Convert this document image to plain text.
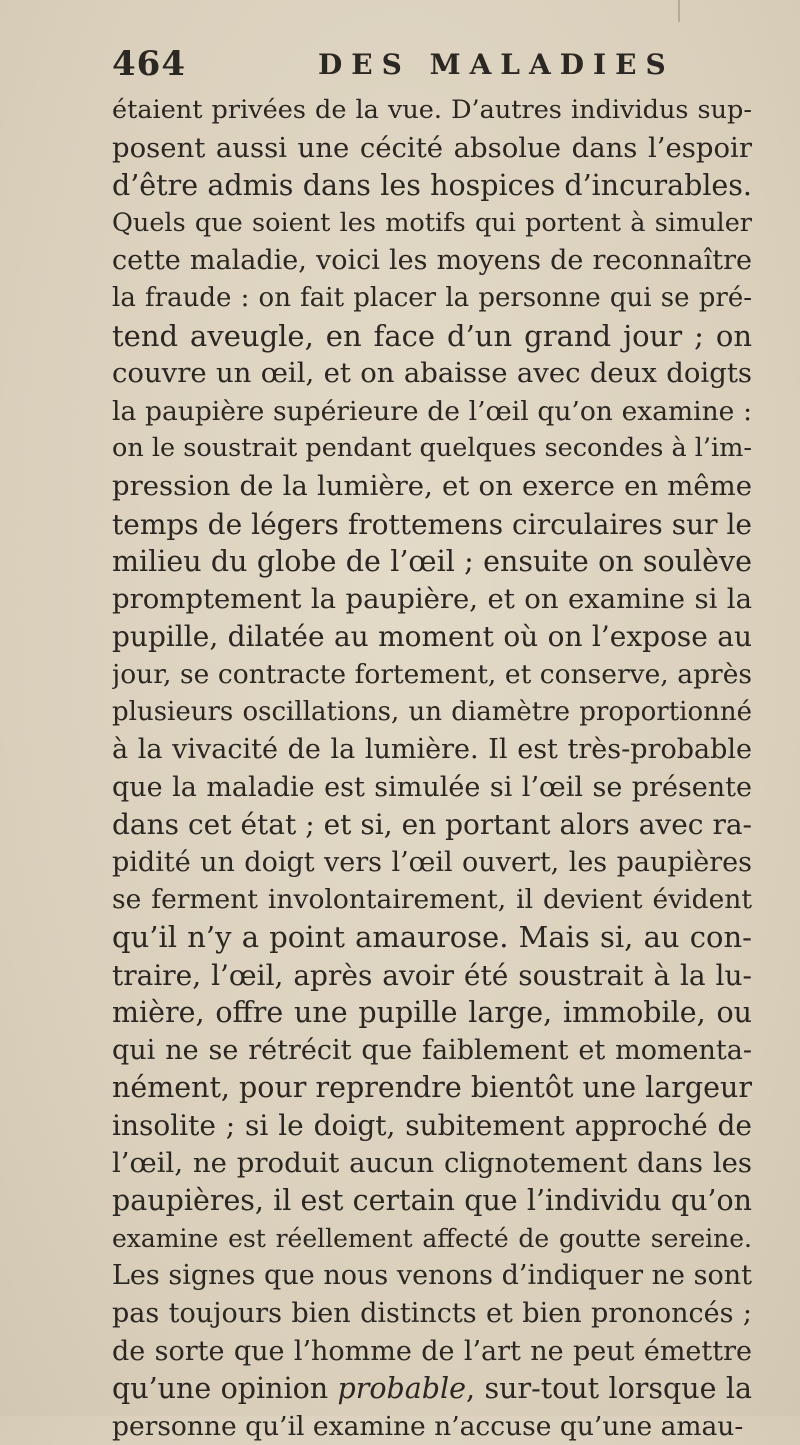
464	DES MALADIES
étaient privées de la vue. D’autres individus sup-
posent aussi une cécité absolue dans l’espoir
d’être admis dans les hospices d’incurables.
Quels que soient les motifs qui portent à simuler
cette maladie, voici les moyens de reconnaître
la fraude : on fait placer la personne qui se pré-
tend aveugle, en face d’un grand jour ; on
couvre un œil, et on abaisse avec deux doigts
la paupière supérieure de l’œil qu’on examine :
on le soustrait pendant quelques secondes à l’im-
pression de la lumière, et on exerce en même
temps de légers frottemens circulaires sur le
milieu du globe de l’œil ; ensuite on soulève
promptement la paupière, et on examine si la
pupille, dilatée au moment où on l’expose au
jour, se contracte fortement, et conserve, après
plusieurs oscillations, un diamètre proportionné
à la vivacité de la lumière. Il est très-probable
que la maladie est simulée si l’œil se présente
dans cet état ; et si, en portant alors avec ra-
pidité un doigt vers l’œil ouvert, les paupières
se ferment involontairement, il devient évident
qu’il n’y a point amaurose. Mais si, au con-
traire, l’œil, après avoir été soustrait à la lu-
mière, offre une pupille large, immobile, ou
qui ne se rétrécit que faiblement et momenta-
nément, pour reprendre bientôt une largeur
insolite ; si le doigt, subitement approché de
l’œil, ne produit aucun clignotement dans les
paupières, il est certain que l’individu qu’on
examine est réellement affecté de goutte sereine.
Les signes que nous venons d’indiquer ne sont
pas toujours bien distincts et bien prononcés ;
de sorte que l’homme de l’art ne peut émettre
qu’une opinion probable, sur-tout lorsque la
personne qu’il examine n’accuse qu’une amau-
